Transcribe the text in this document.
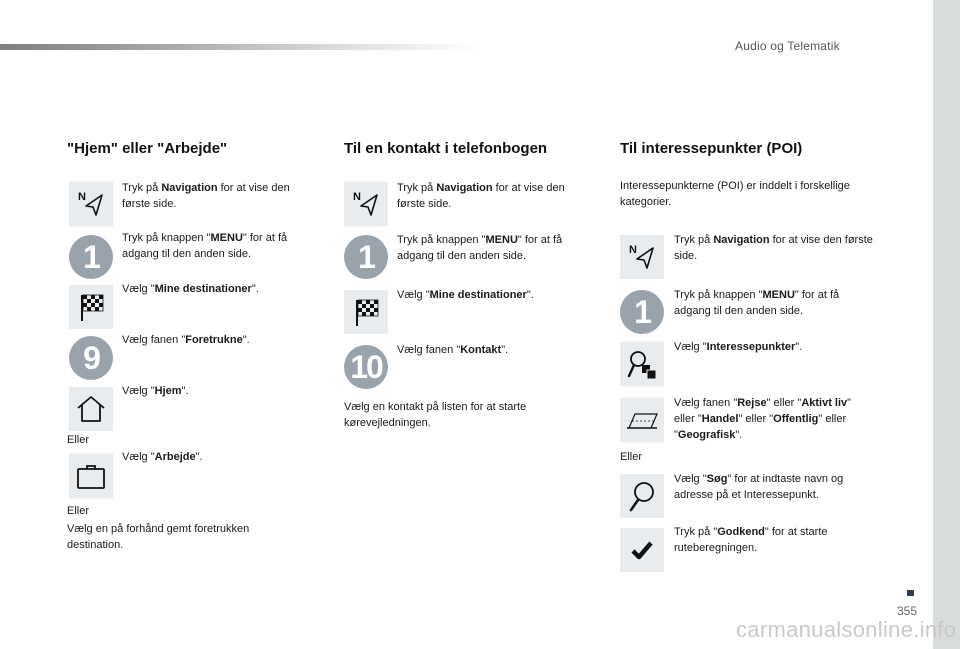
Audio og Telematik
355
carmanualsonline.info
"Hjem" eller "Arbejde"
Tryk på Navigation for at vise den første side.
1
Tryk på knappen "MENU" for at få adgang til den anden side.
Vælg "Mine destinationer".
9	Vælg fanen "Foretrukne".
Vælg "Hjem".
Eller
Vælg "Arbejde".
Eller
Vælg en på forhånd gemt foretrukken destination.
Til en kontakt i telefonbogen
Tryk på Navigation for at vise den første side.
1	Tryk på knappen "MENU" for at få adgang til den anden side.
Vælg "Mine destinationer".
10	Vælg fanen "Kontakt".
Vælg en kontakt på listen for at starte kørevejledningen.
Til interessepunkter (POI)
Interessepunkterne (POI) er inddelt i forskellige kategorier.
Tryk på Navigation for at vise den første side.
1	Tryk på knappen "MENU" for at få adgang til den anden side.
Vælg "Interessepunkter".
Vælg fanen "Rejse" eller "Aktivt liv" eller "Handel" eller "Offentlig" eller "Geografisk".
Eller
Vælg "Søg" for at indtaste navn og adresse på et Interessepunkt.
Tryk på "Godkend" for at starte ruteberegningen.
